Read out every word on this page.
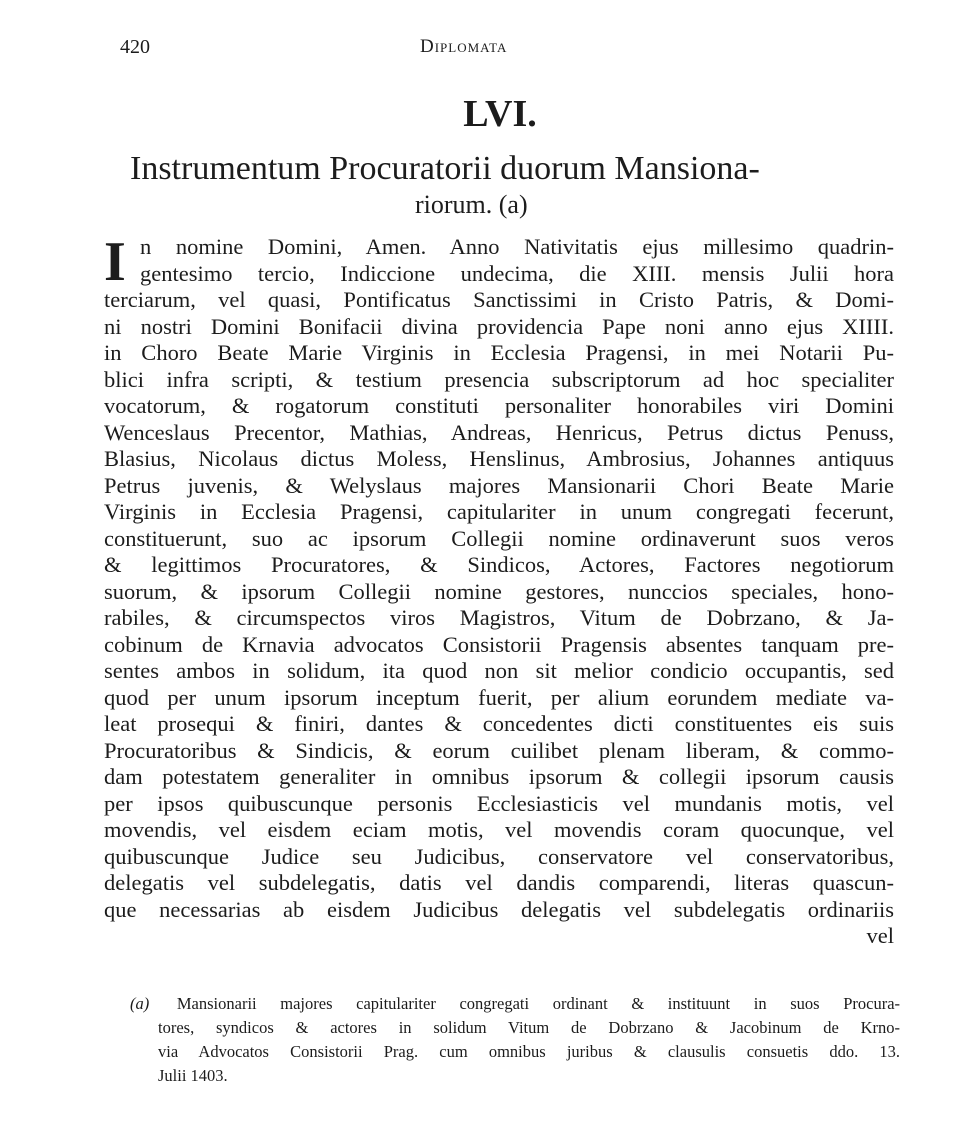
420	Diplomata
LVI.
Instrumentum Procuratorii duorum Mansiona-
riorum. (a)
I n nomine Domini, Amen. Anno Nativitatis ejus millesimo quadrin-
gentesimo tercio, Indiccione undecima, die XIII. mensis Julii hora
terciarum, vel quasi, Pontificatus Sanctissimi in Cristo Patris, & Domi-
ni nostri Domini Bonifacii divina providencia Pape noni anno ejus XIIII.
in Choro Beate Marie Virginis in Ecclesia Pragensi, in mei Notarii Pu-
blici infra scripti, & testium presencia subscriptorum ad hoc specialiter
vocatorum, & rogatorum constituti personaliter honorabiles viri Domini
Wenceslaus Precentor, Mathias, Andreas, Henricus, Petrus dictus Penuss,
Blasius, Nicolaus dictus Moless, Henslinus, Ambrosius, Johannes antiquus
Petrus juvenis, & Welyslaus majores Mansionarii Chori Beate Marie
Virginis in Ecclesia Pragensi, capitulariter in unum congregati fecerunt,
constituerunt, suo ac ipsorum Collegii nomine ordinaverunt suos veros
& legittimos Procuratores, & Sindicos, Actores, Factores negotiorum
suorum, & ipsorum Collegii nomine gestores, nunccios speciales, hono-
rabiles, & circumspectos viros Magistros, Vitum de Dobrzano, & Ja-
cobinum de Krnavia advocatos Consistorii Pragensis absentes tanquam pre-
sentes ambos in solidum, ita quod non sit melior condicio occupantis, sed
quod per unum ipsorum inceptum fuerit, per alium eorundem mediate va-
leat prosequi & finiri, dantes & concedentes dicti constituentes eis suis
Procuratoribus & Sindicis, & eorum cuilibet plenam liberam, & commo-
dam potestatem generaliter in omnibus ipsorum & collegii ipsorum causis
per ipsos quibuscunque personis Ecclesiasticis vel mundanis motis, vel
movendis, vel eisdem eciam motis, vel movendis coram quocunque, vel
quibuscunque Judice seu Judicibus, conservatore vel conservatoribus,
delegatis vel subdelegatis, datis vel dandis comparendi, literas quascun-
que necessarias ab eisdem Judicibus delegatis vel subdelegatis ordinariis
vel
(a) Mansionarii majores capitulariter congregati ordinant & instituunt in suos Procura-
tores, syndicos & actores in solidum Vitum de Dobrzano & Jacobinum de Krno-
via Advocatos Consistorii Prag. cum omnibus juribus & clausulis consuetis ddo. 13.
Julii 1403.
